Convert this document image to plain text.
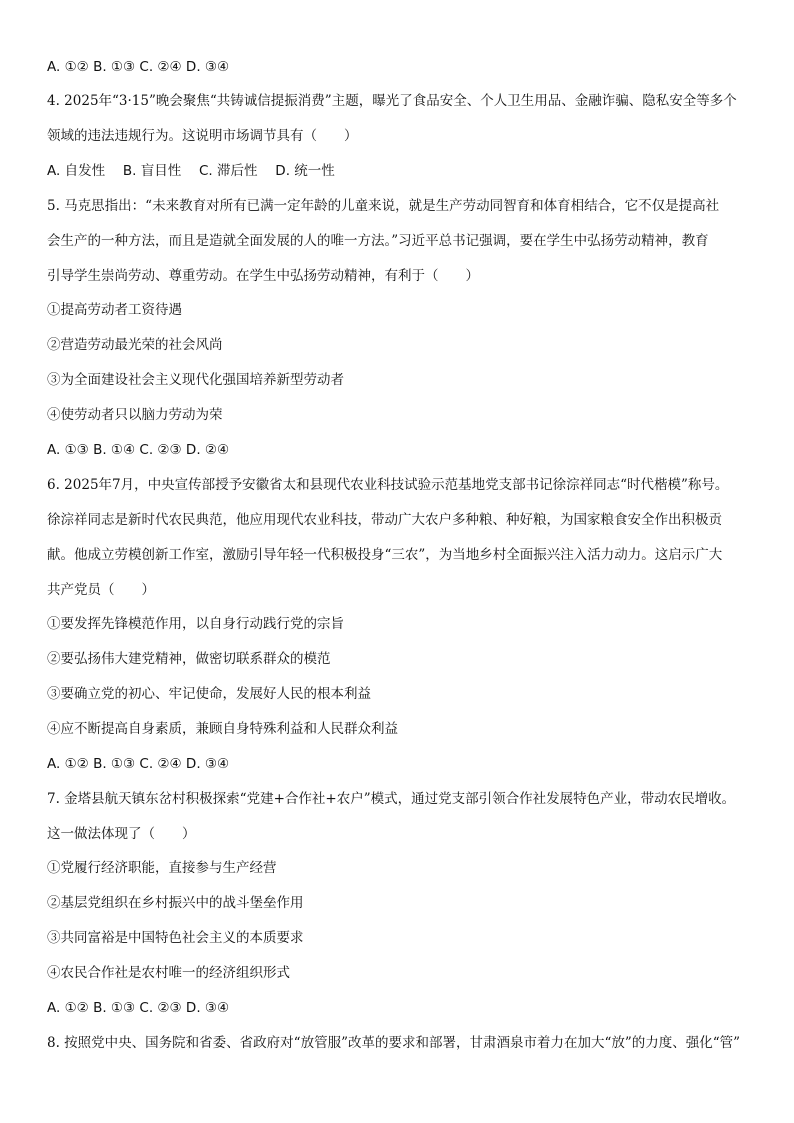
A. ①② B. ①③ C. ②④ D. ③④
4. 2025年“3·15”晚会聚焦“共铸诚信提振消费”主题，曝光了食品安全、个人卫生用品、金融诈骗、隐私安全等多个
领域的违法违规行为。这说明市场调节具有（　　）
A. 自发性　 B. 盲目性　 C. 滞后性　 D. 统一性
5. 马克思指出：“未来教育对所有已满一定年龄的儿童来说，就是生产劳动同智育和体育相结合，它不仅是提高社
会生产的一种方法，而且是造就全面发展的人的唯一方法。”习近平总书记强调，要在学生中弘扬劳动精神，教育
引导学生崇尚劳动、尊重劳动。在学生中弘扬劳动精神，有利于（　　）
①提高劳动者工资待遇
②营造劳动最光荣的社会风尚
③为全面建设社会主义现代化强国培养新型劳动者
④使劳动者只以脑力劳动为荣
A. ①③ B. ①④ C. ②③ D. ②④
6. 2025年7月，中央宣传部授予安徽省太和县现代农业科技试验示范基地党支部书记徐淙祥同志“时代楷模”称号。
徐淙祥同志是新时代农民典范，他应用现代农业科技，带动广大农户多种粮、种好粮，为国家粮食安全作出积极贡
献。他成立劳模创新工作室，激励引导年轻一代积极投身“三农”，为当地乡村全面振兴注入活力动力。这启示广大
共产党员（　　）
①要发挥先锋模范作用，以自身行动践行党的宗旨
②要弘扬伟大建党精神，做密切联系群众的模范
③要确立党的初心、牢记使命，发展好人民的根本利益
④应不断提高自身素质，兼顾自身特殊利益和人民群众利益
A. ①② B. ①③ C. ②④ D. ③④
7. 金塔县航天镇东岔村积极探索“党建+合作社+农户”模式，通过党支部引领合作社发展特色产业，带动农民增收。
这一做法体现了（　　）
①党履行经济职能，直接参与生产经营
②基层党组织在乡村振兴中的战斗堡垒作用
③共同富裕是中国特色社会主义的本质要求
④农民合作社是农村唯一的经济组织形式
A. ①② B. ①③ C. ②③ D. ③④
8. 按照党中央、国务院和省委、省政府对“放管服”改革的要求和部署，甘肃酒泉市着力在加大“放”的力度、强化“管”
